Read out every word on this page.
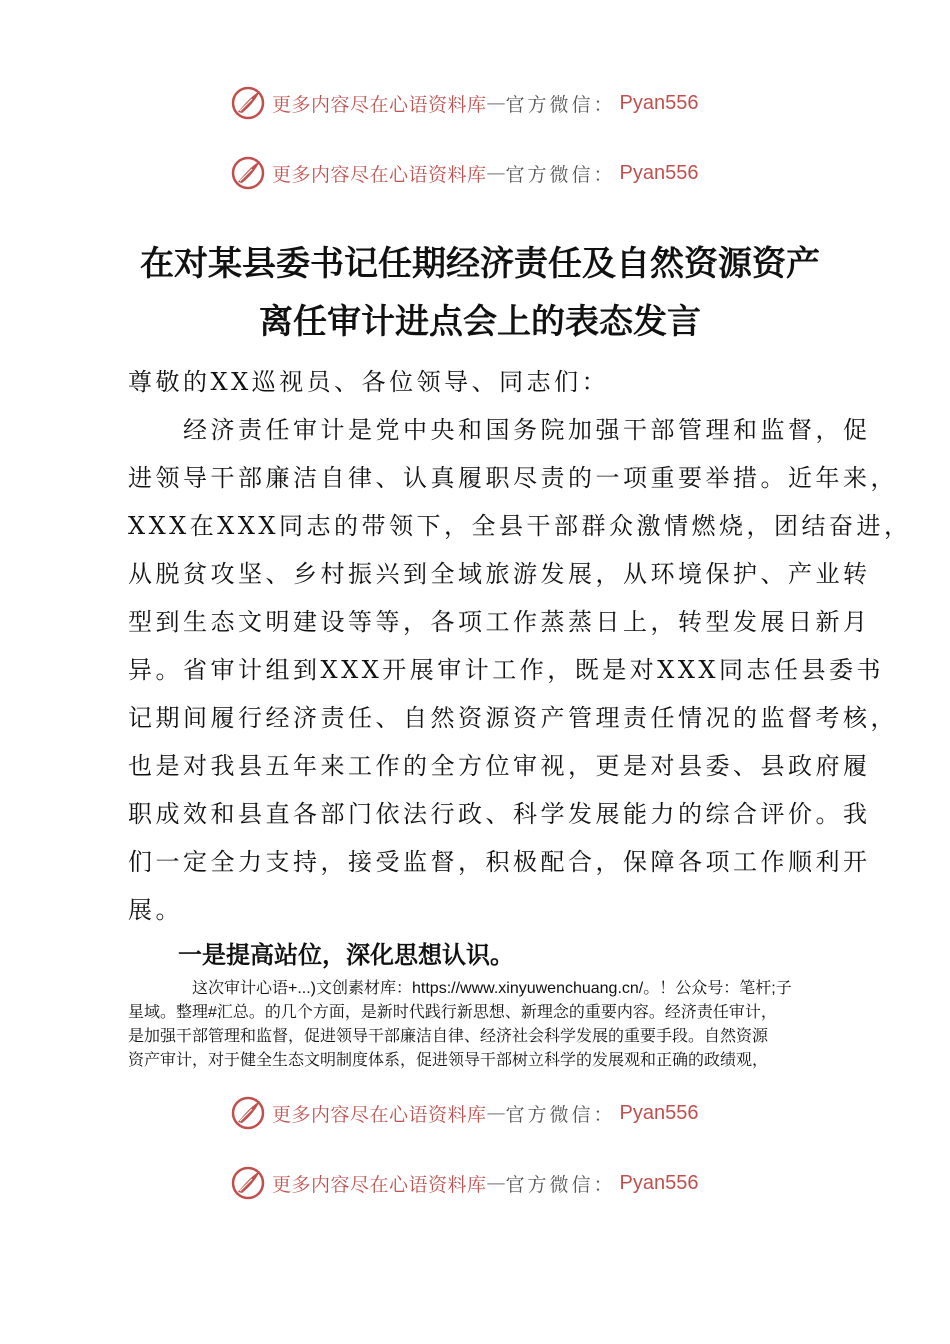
更多内容尽在心语资料库 — 官方微信： Pyan556
更多内容尽在心语资料库 — 官方微信： Pyan556
在对某县委书记任期经济责任及自然资源资产
离任审计进点会上的表态发言
尊敬的XX巡视员、各位领导、同志们：
　　经济责任审计是党中央和国务院加强干部管理和监督，促
进领导干部廉洁自律、认真履职尽责的一项重要举措。近年来，
XXX在XXX同志的带领下，全县干部群众激情燃烧，团结奋进，
从脱贫攻坚、乡村振兴到全域旅游发展，从环境保护、产业转
型到生态文明建设等等，各项工作蒸蒸日上，转型发展日新月
异。省审计组到XXX开展审计工作，既是对XXX同志任县委书
记期间履行经济责任、自然资源资产管理责任情况的监督考核，
也是对我县五年来工作的全方位审视，更是对县委、县政府履
职成效和县直各部门依法行政、科学发展能力的综合评价。我
们一定全力支持，接受监督，积极配合，保障各项工作顺利开
展。
一是提高站位，深化思想认识。
　　　　这次审计心语+...)文创素材库：https://www.xinyuwenchuang.cn/。！公众号：笔杆;子
星域。整理#汇总。的几个方面，是新时代践行新思想、新理念的重要内容。经济责任审计，
是加强干部管理和监督，促进领导干部廉洁自律、经济社会科学发展的重要手段。自然资源
资产审计，对于健全生态文明制度体系，促进领导干部树立科学的发展观和正确的政绩观，
更多内容尽在心语资料库 — 官方微信： Pyan556
更多内容尽在心语资料库 — 官方微信： Pyan556
